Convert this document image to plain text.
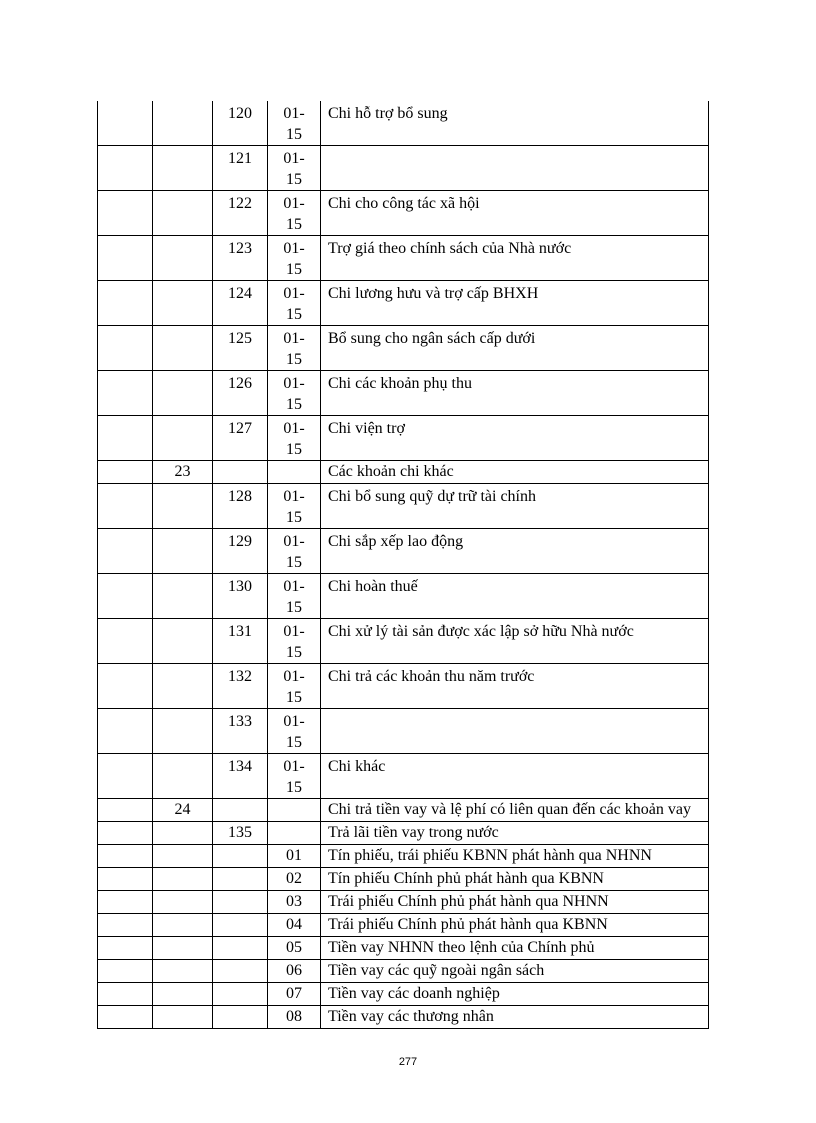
		120	01-
15	Chi hỗ trợ bổ sung
		121	01-
15	

		122	01-
15	Chi cho công tác xã hội
		123	01-
15	Trợ giá theo chính sách của Nhà nước
		124	01-
15	Chi lương hưu và trợ cấp BHXH
		125	01-
15	Bổ sung cho ngân sách cấp dưới
		126	01-
15	Chi các khoản phụ thu
		127	01-
15	Chi viện trợ
	23			Các khoản chi khác
		128	01-
15	Chi bổ sung quỹ dự trữ tài chính
		129	01-
15	Chi sắp xếp lao động
		130	01-
15	Chi hoàn thuế
		131	01-
15	Chi xử lý tài sản được xác lập sở hữu Nhà nước
		132	01-
15	Chi trả các khoản thu năm trước
		133	01-
15	

		134	01-
15	Chi khác
	24			Chi trả tiền vay và lệ phí có liên quan đến các khoản vay
		135		Trả lãi tiền vay trong nước

			01	Tín phiếu, trái phiếu KBNN phát hành qua NHNN

			02	Tín phiếu Chính phủ phát hành qua KBNN

			03	Trái phiếu Chính phủ phát hành qua NHNN

			04	Trái phiếu Chính phủ phát hành qua KBNN

			05	Tiền vay NHNN theo lệnh của Chính phủ

			06	Tiền vay các quỹ ngoài ngân sách

			07	Tiền vay các doanh nghiệp

			08	Tiền vay các thương nhân
277
